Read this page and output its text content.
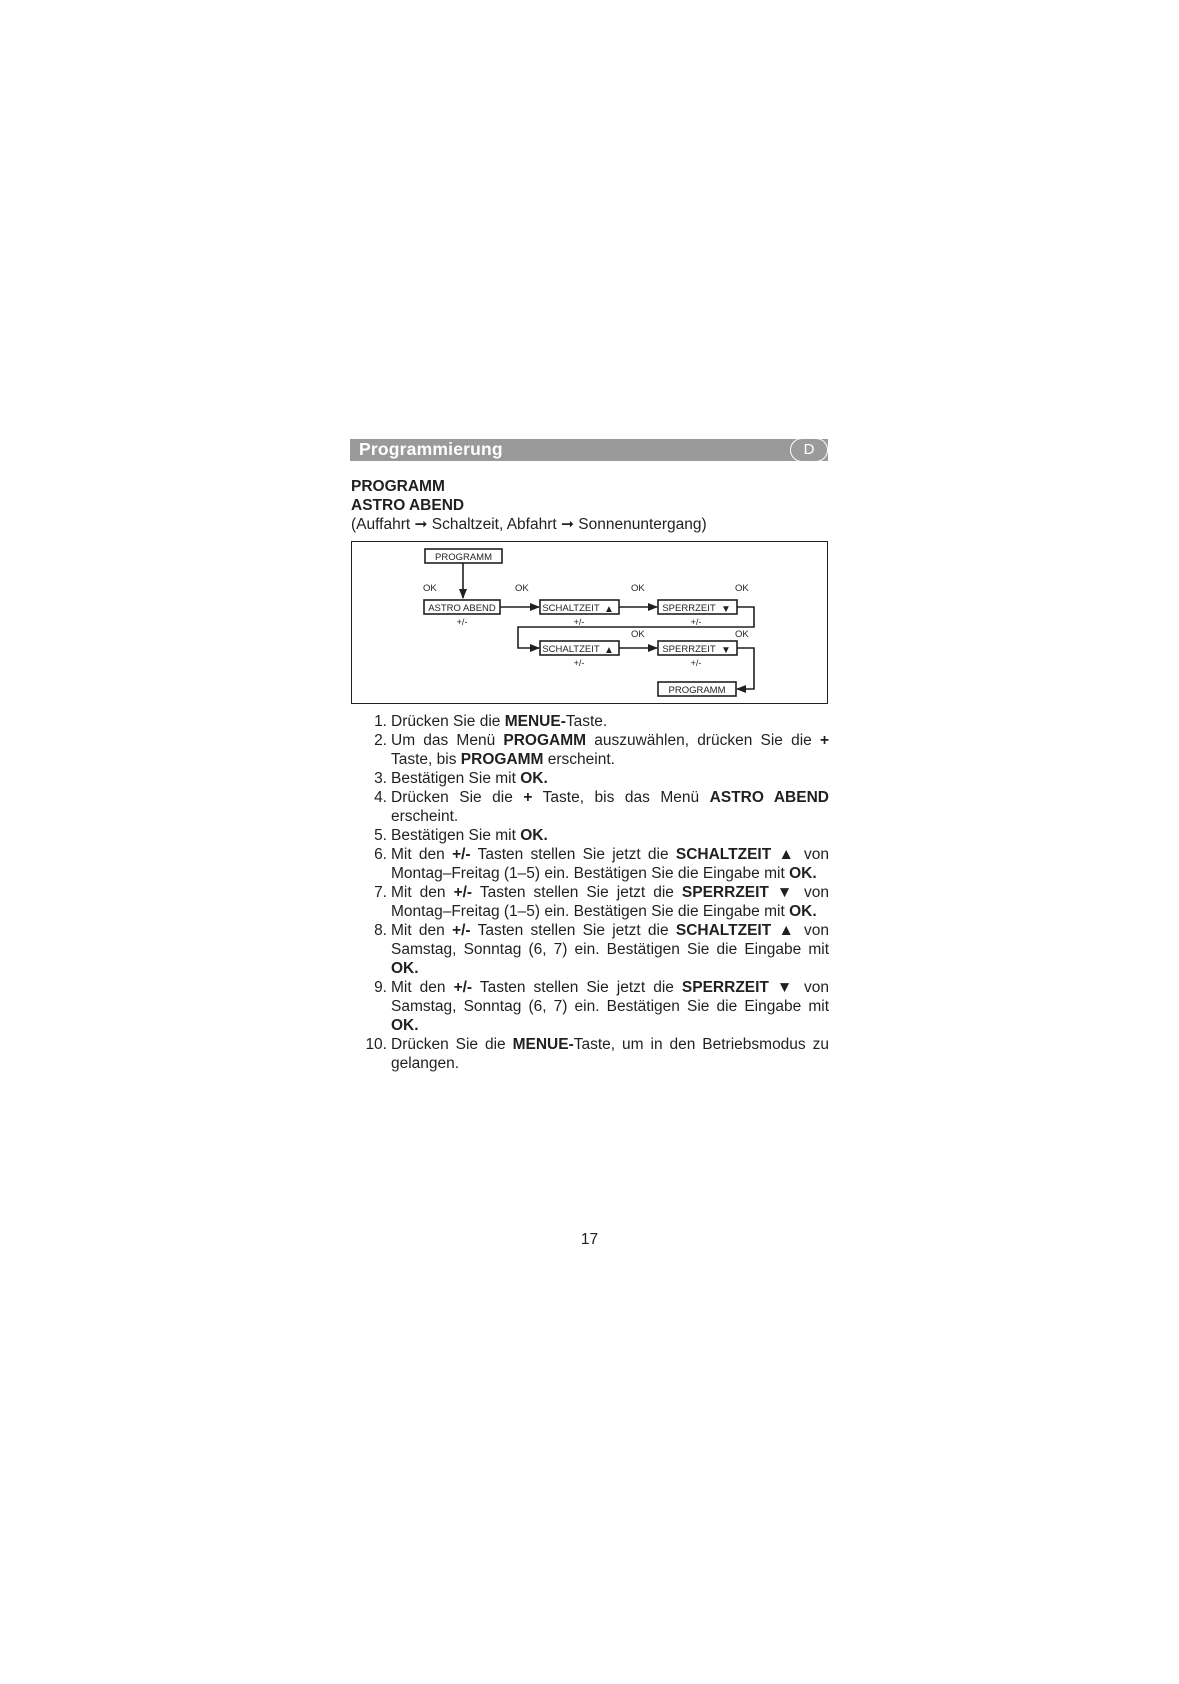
Programmierung	D
PROGRAMM
ASTRO ABEND
(Auffahrt ➞ Schaltzeit, Abfahrt ➞ Sonnenuntergang)
PROGRAMM
OK	OK	OK	OK
ASTRO ABEND
+/-
SCHALTZEIT ▲
+/-
SPERRZEIT ▼
+/-
OK	OK
SCHALTZEIT ▲
+/-
SPERRZEIT ▼
+/-
PROGRAMM

1. Drücken Sie die MENUE-Taste.

2. Um das Menü PROGAMM auszuwählen, drücken Sie die + Taste, bis PROGAMM erscheint.

3. Bestätigen Sie mit OK.

4. Drücken Sie die + Taste, bis das Menü ASTRO ABEND erscheint.

5. Bestätigen Sie mit OK.

6. Mit den +/- Tasten stellen Sie jetzt die SCHALTZEIT ▲ von Montag–Freitag (1–5) ein. Bestätigen Sie die Eingabe mit OK.

7. Mit den +/- Tasten stellen Sie jetzt die SPERRZEIT ▼ von Montag–Freitag (1–5) ein. Bestätigen Sie die Eingabe mit OK.

8. Mit den +/- Tasten stellen Sie jetzt die SCHALTZEIT ▲ von Samstag, Sonntag (6, 7) ein. Bestätigen Sie die Eingabe mit OK.

9. Mit den +/- Tasten stellen Sie jetzt die SPERRZEIT ▼ von Samstag, Sonntag (6, 7) ein. Bestätigen Sie die Eingabe mit OK.

10. Drücken Sie die MENUE-Taste, um in den Betriebsmodus zu gelangen.

17
